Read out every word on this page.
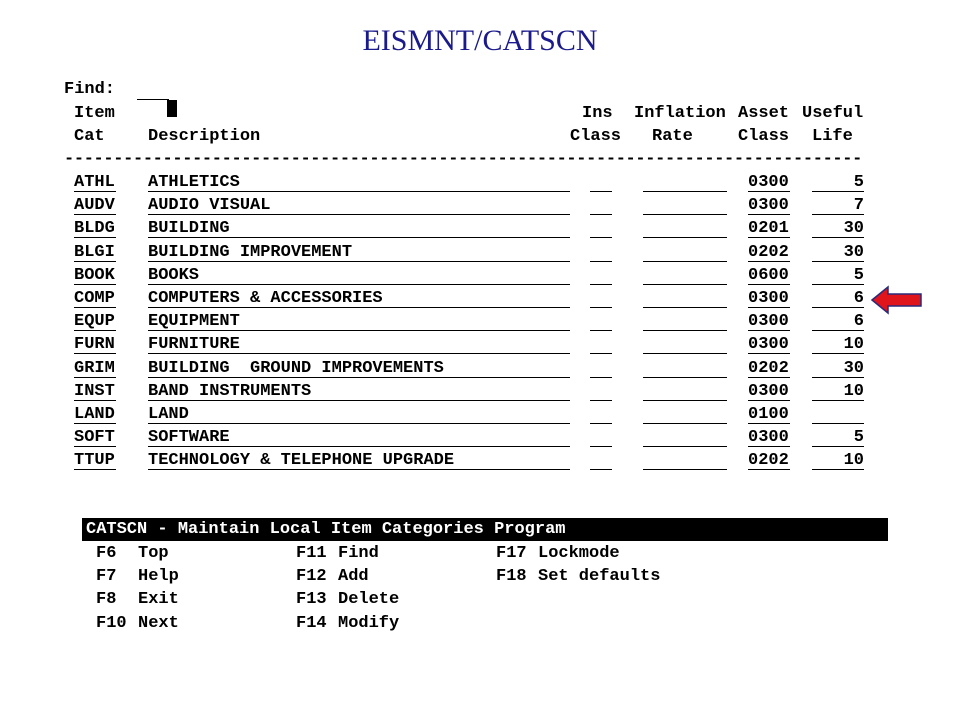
EISMNT/CATSCN
Find:

Item	Ins Inflation Asset Useful
Cat	Description	Class Rate	Class Life
---------------------------------------------------------------------------------
ATHL ATHLETICS	0300	5
AUDV AUDIO VISUAL	0300	7
BLDG BUILDING	0201	30
BLGI BUILDING IMPROVEMENT	0202	30
BOOK BOOKS	0600	5
COMP COMPUTERS & ACCESSORIES	0300	6
EQUP EQUIPMENT	0300	6
FURN FURNITURE	0300	10
GRIM BUILDING  GROUND IMPROVEMENTS	0202	30
INST BAND INSTRUMENTS	0300	10
LAND LAND	0100
SOFT SOFTWARE	0300	5
TTUP TECHNOLOGY & TELEPHONE UPGRADE	0202	10
CATSCN - Maintain Local Item Categories Program
F6 Top
F7 Help
F8 Exit
F10 Next
F11 Find
F12 Add
F13 Delete
F14 Modify
F17 Lockmode
F18 Set defaults
